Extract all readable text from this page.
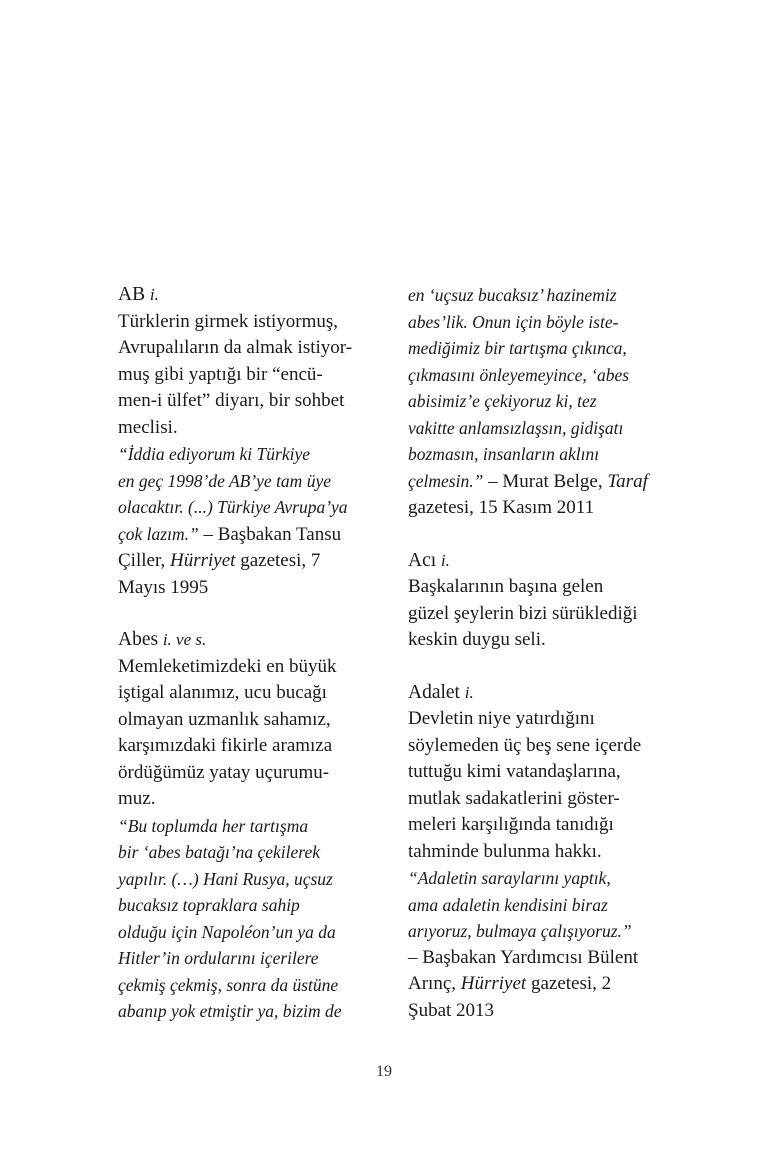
AB i.
Türklerin girmek istiyormuş,
Avrupalıların da almak istiyor-
muş gibi yaptığı bir “encü-
men-i ülfet” diyarı, bir sohbet
meclisi.
“İddia ediyorum ki Türkiye
en geç 1998’de AB’ye tam üye
olacaktır. (...) Türkiye Avrupa’ya
çok lazım.” – Başbakan Tansu
Çiller, Hürriyet gazetesi, 7
Mayıs 1995
Abes i. ve s.
Memleketimizdeki en büyük
iştigal alanımız, ucu bucağı
olmayan uzmanlık sahamız,
karşımızdaki fikirle aramıza
ördüğümüz yatay uçurumu-
muz.
“Bu toplumda her tartışma
bir ‘abes batağı’na çekilerek
yapılır. (…) Hani Rusya, uçsuz
bucaksız topraklara sahip
olduğu için Napoléon’un ya da
Hitler’in ordularını içerilere
çekmiş çekmiş, sonra da üstüne
abanıp yok etmiştir ya, bizim de
en ‘uçsuz bucaksız’ hazinemiz
abes’lik. Onun için böyle iste-
mediğimiz bir tartışma çıkınca,
çıkmasını önleyemeyince, ‘abes
abisimiz’e çekiyoruz ki, tez
vakitte anlamsızlaşsın, gidişatı
bozmasın, insanların aklını
çelmesin.” – Murat Belge, Taraf
gazetesi, 15 Kasım 2011
Acı i.
Başkalarının başına gelen
güzel şeylerin bizi sürüklediği
keskin duygu seli.
Adalet i.
Devletin niye yatırdığını
söylemeden üç beş sene içerde
tuttuğu kimi vatandaşlarına,
mutlak sadakatlerini göster-
meleri karşılığında tanıdığı
tahminde bulunma hakkı.
“Adaletin saraylarını yaptık,
ama adaletin kendisini biraz
arıyoruz, bulmaya çalışıyoruz.”
– Başbakan Yardımcısı Bülent
Arınç, Hürriyet gazetesi, 2
Şubat 2013
19
